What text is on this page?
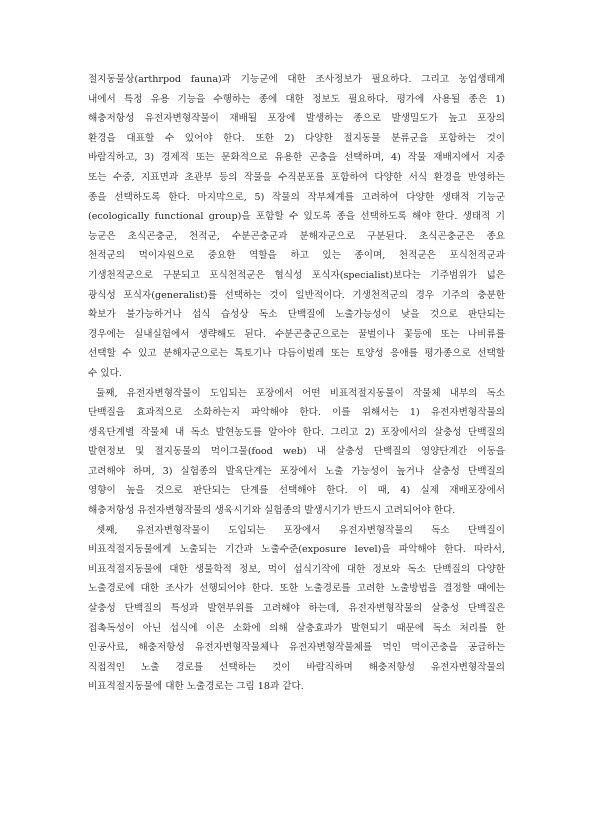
절지동물상(arthrpod fauna)과 기능군에 대한 조사정보가 필요하다. 그리고 농업생태계
내에서 특정 유용 기능을 수행하는 종에 대한 정보도 필요하다. 평가에 사용될 종은 1)
해충저항성 유전자변형작물이 재배될 포장에 발생하는 종으로 발생밀도가 높고 포장의
환경을 대표할 수 있어야 한다. 또한 2) 다양한 절지동물 분류군을 포함하는 것이
바람직하고, 3) 경제적 또는 문화적으로 유용한 곤충을 선택하며, 4) 작물 재배지에서 지중
또는 수중, 지표면과 초관부 등의 작물을 수직분포를 포함하여 다양한 서식 환경을 반영하는
종을 선택하도록 한다. 마지막으로, 5) 작물의 작부체계를 고려하여 다양한 생태적 기능군
(ecologically functional group)을 포함할 수 있도록 종을 선택하도록 해야 한다. 생태적 기
능군은 초식곤충군, 천적군, 수분곤충군과 분해자군으로 구분된다. 초식곤충군은 종요
천적군의 먹이자원으로 중요한 역할을 하고 있는 종이며, 천적군은 포식천적군과
기생천적군으로 구분되고 포식천적군은 협식성 포식자(specialist)보다는 기주범위가 넓은
광식성 포식자(generalist)를 선택하는 것이 일반적이다. 기생천적군의 경우 기주의 충분한
확보가 불가능하거나 섭식 습성상 독소 단백질에 노출가능성이 낮을 것으로 판단되는
경우에는 실내실험에서 생략해도 된다. 수분곤충군으로는 꿀벌이나 꽃등에 또는 나비류를
선택할 수 있고 분해자군으로는 톡토기나 다듬이벌레 또는 토양성 응애를 평가종으로 선택할
수 있다.
둘째, 유전자변형작물이 도입되는 포장에서 어떤 비표적절지동물이 작물체 내부의 독소
단백질을 효과적으로 소화하는지 파악해야 한다. 이를 위해서는 1) 유전자변형작물의
생육단계별 작물체 내 독소 발현농도를 알아야 한다. 그리고 2) 포장에서의 살충성 단백질의
발현정보 및 절지동물의 먹이그물(food web) 내 살충성 단백질의 영양단계간 이동을
고려해야 하며, 3) 실험종의 발육단계는 포장에서 노출 가능성이 높거나 살충성 단백질의
영향이 높을 것으로 판단되는 단계를 선택해야 한다. 이 때, 4) 실제 재배포장에서
해충저항성 유전자변형작물의 생육시기와 실험종의 발생시기가 반드시 고려되어야 한다.
셋째, 유전자변형작물이 도입되는 포장에서 유전자변형작물의 독소 단백질이
비표적절지동물에게 노출되는 기간과 노출수준(exposure level)을 파악해야 한다. 따라서,
비표적절지동물에 대한 생물학적 정보, 먹이 섭식기작에 대한 정보와 독소 단백질의 다양한
노출경로에 대한 조사가 선행되어야 한다. 또한 노출경로를 고려한 노출방법을 결정할 때에는
살충성 단백질의 특성과 발현부위를 고려해야 하는데, 유전자변형작물의 살충성 단백질은
접촉독성이 아닌 섭식에 이은 소화에 의해 살충효과가 발현되기 때문에 독소 처리를 한
인공사료, 해충저항성 유전자변형작물체나 유전자변형작물체를 먹인 먹이곤충을 공급하는
직접적인 노출 경로를 선택하는 것이 바람직하며 해충저항성 유전자변형작물의
비표적절지동물에 대한 노출경로는 그림 18과 같다.
